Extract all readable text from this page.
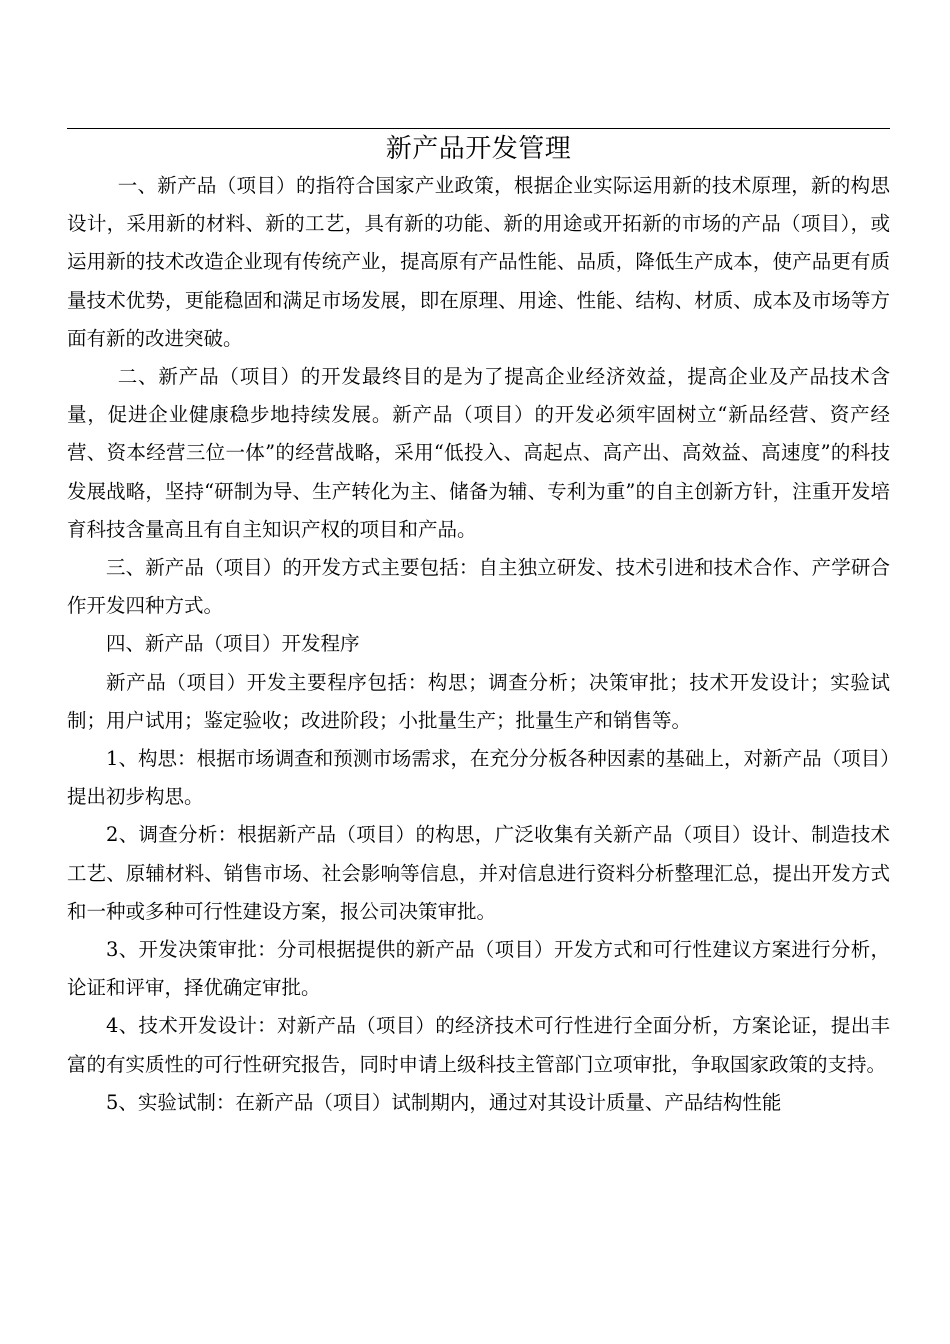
新产品开发管理

一、新产品（项目）的指符合国家产业政策，根据企业实际运用新的技术原理，新的构思设计，采用新的材料、新的工艺，具有新的功能、新的用途或开拓新的市场的产品（项目），或运用新的技术改造企业现有传统产业，提高原有产品性能、品质，降低生产成本，使产品更有质量技术优势，更能稳固和满足市场发展，即在原理、用途、性能、结构、材质、成本及市场等方面有新的改进突破。

二、新产品（项目）的开发最终目的是为了提高企业经济效益，提高企业及产品技术含量，促进企业健康稳步地持续发展。新产品（项目）的开发必须牢固树立“新品经营、资产经营、资本经营三位一体”的经营战略，采用“低投入、高起点、高产出、高效益、高速度”的科技发展战略，坚持“研制为导、生产转化为主、储备为辅、专利为重”的自主创新方针，注重开发培育科技含量高且有自主知识产权的项目和产品。

三、新产品（项目）的开发方式主要包括：自主独立研发、技术引进和技术合作、产学研合作开发四种方式。

四、新产品（项目）开发程序

新产品（项目）开发主要程序包括：构思；调查分析；决策审批；技术开发设计；实验试制；用户试用；鉴定验收；改进阶段；小批量生产；批量生产和销售等。

1、构思：根据市场调查和预测市场需求，在充分分板各种因素的基础上，对新产品（项目）提出初步构思。

2、调查分析：根据新产品（项目）的构思，广泛收集有关新产品（项目）设计、制造技术工艺、原辅材料、销售市场、社会影响等信息，并对信息进行资料分析整理汇总，提出开发方式和一种或多种可行性建设方案，报公司决策审批。

3、开发决策审批：分司根据提供的新产品（项目）开发方式和可行性建议方案进行分析，论证和评审，择优确定审批。

4、技术开发设计：对新产品（项目）的经济技术可行性进行全面分析，方案论证，提出丰富的有实质性的可行性研究报告，同时申请上级科技主管部门立项审批，争取国家政策的支持。

5、实验试制：在新产品（项目）试制期内，通过对其设计质量、产品结构性能
